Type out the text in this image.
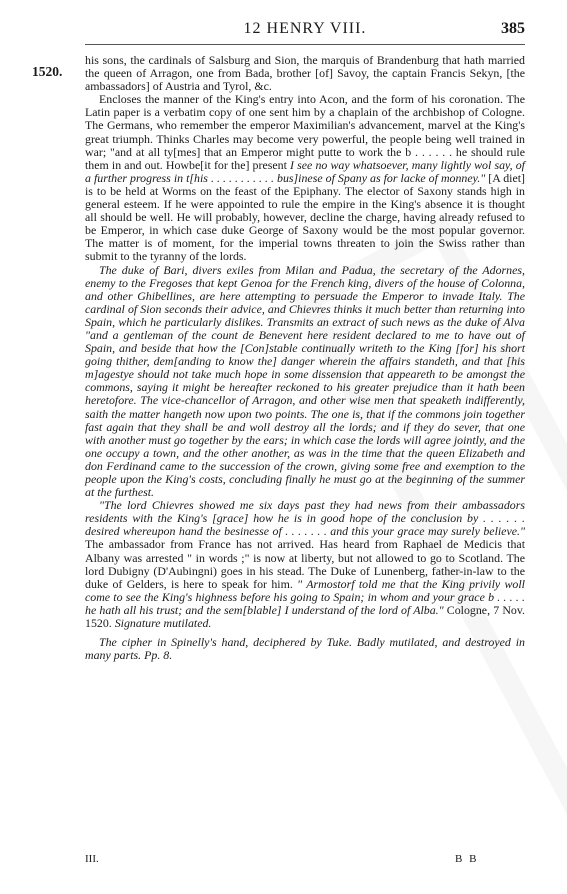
12 HENRY VIII.	385
1520.

his sons, the cardinals of Salsburg and Sion, the marquis of Brandenburg that hath married the queen of Arragon, one from Bada, brother [of] Savoy, the captain Francis Sekyn, [the ambassadors] of Austria and Tyrol, &c.

Encloses the manner of the King's entry into Acon, and the form of his coronation. The Latin paper is a verbatim copy of one sent him by a chaplain of the archbishop of Cologne. The Germans, who remember the emperor Maximilian's advancement, marvel at the King's great triumph. Thinks Charles may become very powerful, the people being well trained in war; "and at all ty[mes] that an Emperor might putte to work the b . . . . . . he should rule them in and out. Howbe[it for the] present I see no way whatsoever, many lightly wol say, of a further progress in t[his . . . . . . . . . . . bus]inese of Spany as for lacke of monney." [A diet] is to be held at Worms on the feast of the Epiphany. The elector of Saxony stands high in general esteem. If he were appointed to rule the empire in the King's absence it is thought all should be well. He will probably, however, decline the charge, having already refused to be Emperor, in which case duke George of Saxony would be the most popular governor. The matter is of moment, for the imperial towns threaten to join the Swiss rather than submit to the tyranny of the lords.

The duke of Bari, divers exiles from Milan and Padua, the secretary of the Adornes, enemy to the Fregoses that kept Genoa for the French king, divers of the house of Colonna, and other Ghibellines, are here attempting to persuade the Emperor to invade Italy. The cardinal of Sion seconds their advice, and Chievres thinks it much better than returning into Spain, which he particularly dislikes. Transmits an extract of such news as the duke of Alva "and a gentleman of the count de Benevent here resident declared to me to have out of Spain, and beside that how the [Con]stable continually writeth to the King [for] his short going thither, dem[anding to know the] danger wherein the affairs standeth, and that [his m]agestye should not take much hope in some dissension that appeareth to be amongst the commons, saying it might be hereafter reckoned to his greater prejudice than it hath been heretofore. The vice-chancellor of Arragon, and other wise men that speaketh indifferently, saith the matter hangeth now upon two points. The one is, that if the commons join together fast again that they shall be and woll destroy all the lords; and if they do sever, that one with another must go together by the ears; in which case the lords will agree jointly, and the one occupy a town, and the other another, as was in the time that the queen Elizabeth and don Ferdinand came to the succession of the crown, giving some free and exemption to the people upon the King's costs, concluding finally he must go at the beginning of the summer at the furthest.

"The lord Chievres showed me six days past they had news from their ambassadors residents with the King's [grace] how he is in good hope of the conclusion by . . . . . . desired whereupon hand the besinesse of . . . . . . . and this your grace may surely believe." The ambassador from France has not arrived. Has heard from Raphael de Medicis that Albany was arrested " in words ;" is now at liberty, but not allowed to go to Scotland. The lord Dubigny (D'Aubingni) goes in his stead. The Duke of Lunenberg, father-in-law to the duke of Gelders, is here to speak for him. " Armostorf told me that the King privily woll come to see the King's highness before his going to Spain; in whom and your grace b . . . . . he hath all his trust; and the sem[blable] I understand of the lord of Alba." Cologne, 7 Nov. 1520. Signature mutilated.

The cipher in Spinelly's hand, deciphered by Tuke. Badly mutilated, and destroyed in many parts. Pp. 8.

III.	B B
